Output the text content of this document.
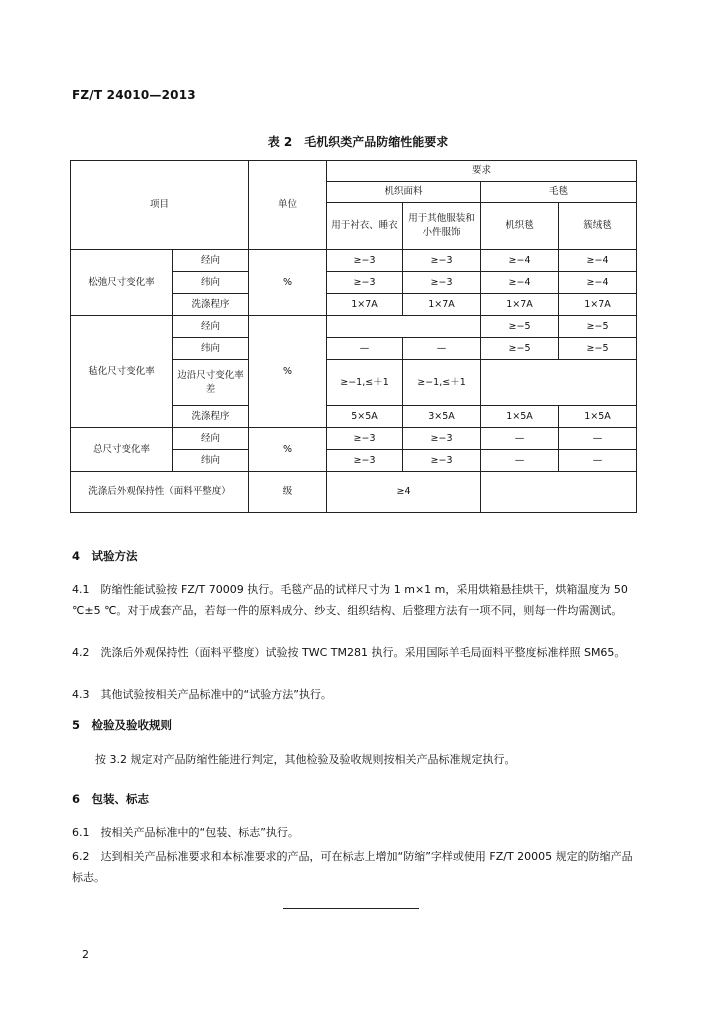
FZ/T 24010—2013
表 2　毛机织类产品防缩性能要求
项目		单位	要求			
			机织面料		毛毯	
			用于衬衣、睡衣	用于其他服装和小件服饰	机织毯	簇绒毯
松弛尺寸变化率	经向	%	≥−3	≥−3	≥−4	≥−4
	纬向		≥−3	≥−3	≥−4	≥−4
	洗涤程序		1×7A	1×7A	1×7A	1×7A
毡化尺寸变化率	经向	%			≥−5	≥−5
	纬向		—	—	≥−5	≥−5
	边沿尺寸变化率差		≥−1,≤＋1	≥−1,≤＋1		
	洗涤程序		5×5A	3×5A	1×5A	1×5A
总尺寸变化率	经向	%	≥−3	≥−3	—	—
	纬向		≥−3	≥−3	—	—
洗涤后外观保持性（面料平整度）		级	≥4			
4　试验方法
4.1　防缩性能试验按 FZ/T 70009 执行。毛毯产品的试样尺寸为 1 m×1 m，采用烘箱悬挂烘干，烘箱温度为 50 ℃±5 ℃。对于成套产品，若每一件的原料成分、纱支、组织结构、后整理方法有一项不同，则每一件均需测试。
4.2　洗涤后外观保持性（面料平整度）试验按 TWC TM281 执行。采用国际羊毛局面料平整度标准样照 SM65。
4.3　其他试验按相关产品标准中的“试验方法”执行。
5　检验及验收规则
按 3.2 规定对产品防缩性能进行判定，其他检验及验收规则按相关产品标准规定执行。
6　包装、标志
6.1　按相关产品标准中的“包装、标志”执行。
6.2　达到相关产品标准要求和本标准要求的产品，可在标志上增加“防缩”字样或使用 FZ/T 20005 规定的防缩产品标志。
2
